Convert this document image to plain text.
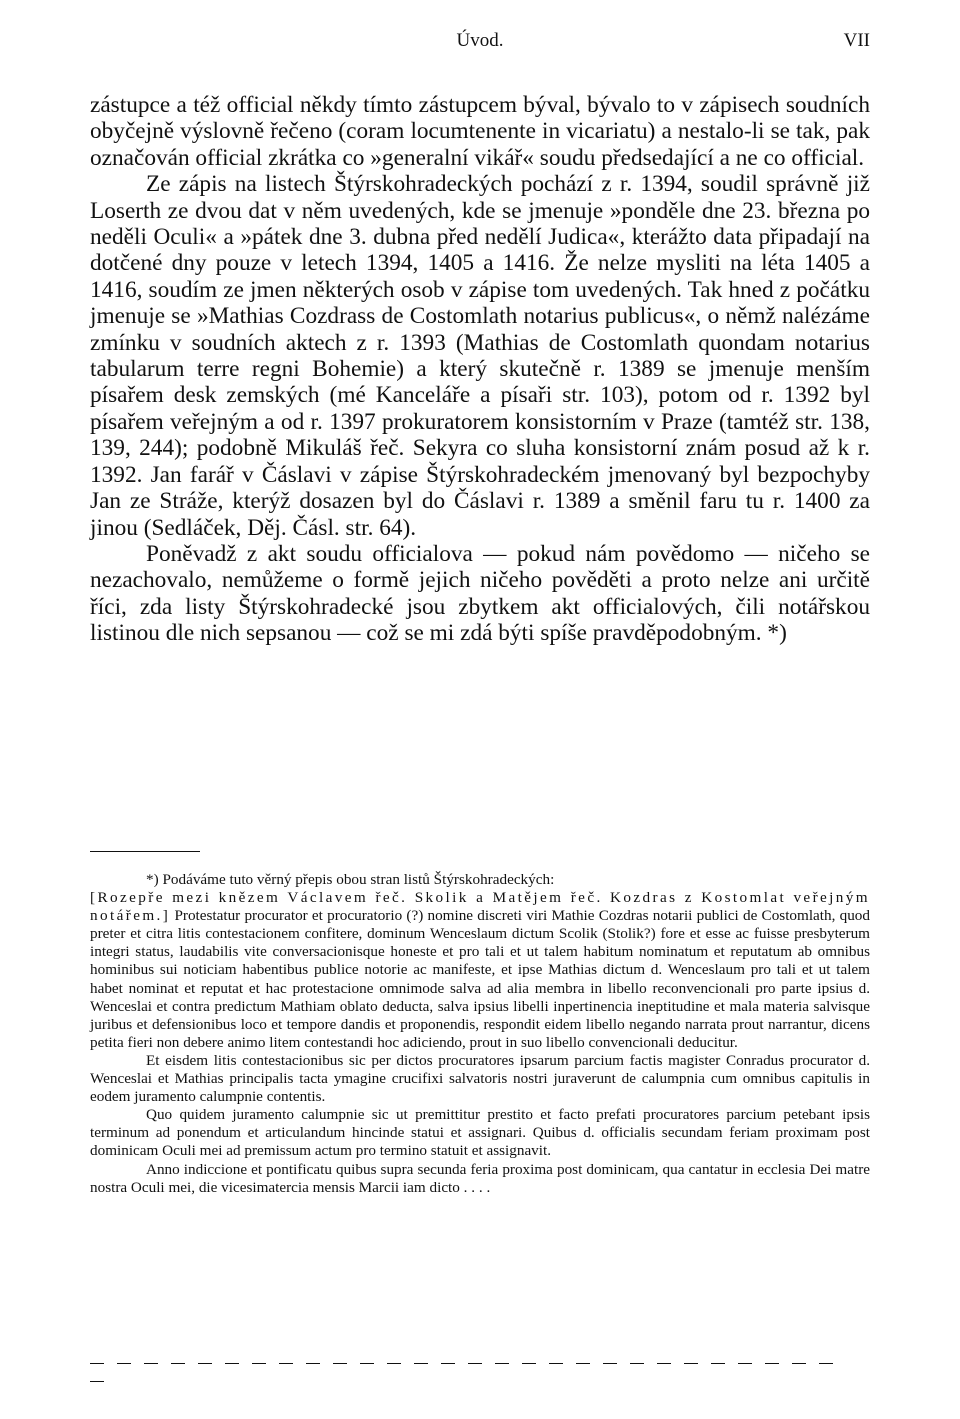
Úvod.	VII

zástupce a též official někdy tímto zástupcem býval, bývalo to v zápisech soudních obyčejně výslovně řečeno (coram locumtenente in vicariatu) a nestalo-li se tak, pak označován official zkrátka co »generalní vikář« soudu předsedající a ne co official.

Ze zápis na listech Štýrskohradeckých pochází z r. 1394, soudil správně již Loserth ze dvou dat v něm uvedených, kde se jmenuje »ponděle dne 23. března po neděli Oculi« a »pátek dne 3. dubna před nedělí Judica«, kterážto data připadají na dotčené dny pouze v letech 1394, 1405 a 1416. Že nelze mysliti na léta 1405 a 1416, soudím ze jmen některých osob v zápise tom uvedených. Tak hned z počátku jmenuje se »Mathias Cozdrass de Costomlath notarius publicus«, o němž nalézáme zmínku v soudních aktech z r. 1393 (Mathias de Costomlath quondam notarius tabularum terre regni Bohemie) a který skutečně r. 1389 se jmenuje menším písařem desk zemských (mé Kanceláře a písaři str. 103), potom od r. 1392 byl písařem veřejným a od r. 1397 prokuratorem konsistorním v Praze (tamtéž str. 138, 139, 244); podobně Mikuláš řeč. Sekyra co sluha konsistorní znám posud až k r. 1392. Jan farář v Čáslavi v zápise Štýrskohradeckém jmenovaný byl bezpochyby Jan ze Stráže, kterýž dosazen byl do Čáslavi r. 1389 a směnil faru tu r. 1400 za jinou (Sedláček, Děj. Čásl. str. 64).

Poněvadž z akt soudu officialova — pokud nám povědomo — ničeho se nezachovalo, nemůžeme o formě jejich ničeho pověděti a proto nelze ani určitě říci, zda listy Štýrskohradecké jsou zbytkem akt officialových, čili notářskou listinou dle nich sepsanou — což se mi zdá býti spíše pravděpodobným. *)

*) Podáváme tuto věrný přepis obou stran listů Štýrskohradeckých:

[Rozepře mezi knězem Václavem řeč. Skolik a Matějem řeč. Kozdras z Kostomlat veřejným notářem.] Protestatur procurator et procuratorio (?) nomine discreti viri Mathie Cozdras notarii publici de Costomlath, quod preter et citra litis contestacionem confitere, dominum Wenceslaum dictum Scolik (Stolik?) fore et esse ac fuisse presbyterum integri status, laudabilis vite conversacionisque honeste et pro tali et ut talem habitum nominatum et reputatum ab omnibus hominibus sui noticiam habentibus publice notorie ac manifeste, et ipse Mathias dictum d. Wenceslaum pro tali et ut talem habet nominat et reputat et hac protestacione omnimode salva ad alia membra in libello reconvencionali pro parte ipsius d. Wenceslai et contra predictum Mathiam oblato deducta, salva ipsius libelli inpertinencia ineptitudine et mala materia salvisque juribus et defensionibus loco et tempore dandis et proponendis, respondit eidem libello negando narrata prout narrantur, dicens petita fieri non debere animo litem contestandi hoc adiciendo, prout in suo libello convencionali deducitur.

Et eisdem litis contestacionibus sic per dictos procuratores ipsarum parcium factis magister Conradus procurator d. Wenceslai et Mathias principalis tacta ymagine crucifixi salvatoris nostri juraverunt de calumpnia cum omnibus capitulis in eodem juramento calumpnie contentis.

Quo quidem juramento calumpnie sic ut premittitur prestito et facto prefati procuratores parcium petebant ipsis terminum ad ponendum et articulandum hincinde statui et assignari. Quibus d. officialis secundam feriam proximam post dominicam Oculi mei ad premissum actum pro termino statuit et assignavit.

Anno indiccione et pontificatu quibus supra secunda feria proxima post dominicam, qua cantatur in ecclesia Dei matre nostra Oculi mei, die vicesimatercia mensis Marcii iam dicto . . . .
